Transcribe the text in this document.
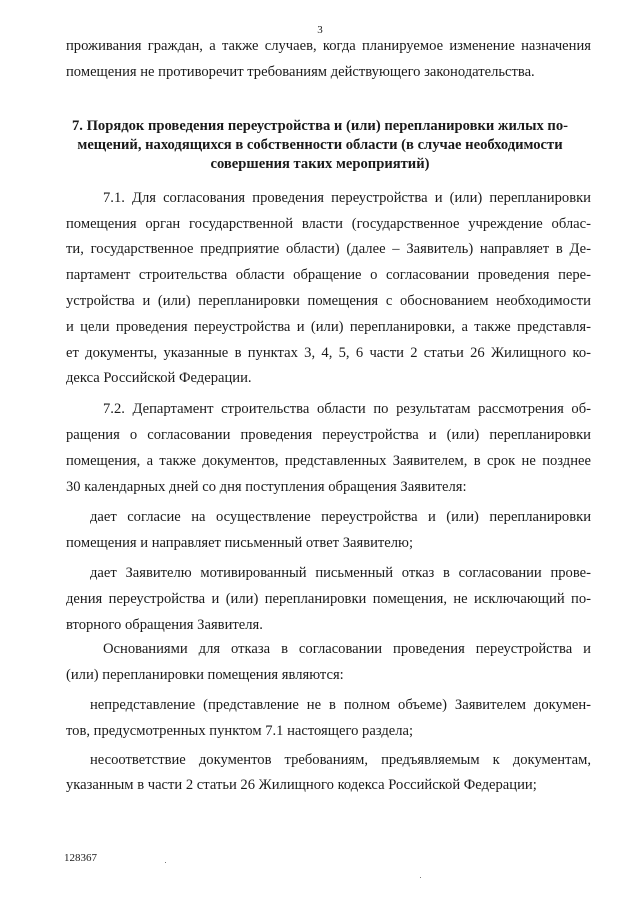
3
проживания граждан, а также случаев, когда планируемое изменение назначения
помещения не противоречит требованиям действующего законодательства.
7. Порядок проведения переустройства и (или) перепланировки жилых по-
мещений, находящихся в собственности области (в случае необходимости
совершения таких мероприятий)
7.1. Для согласования проведения переустройства и (или) перепланировки
помещения орган государственной власти (государственное учреждение облас-
ти, государственное предприятие области) (далее – Заявитель) направляет в Де-
партамент строительства области обращение о согласовании проведения пере-
устройства и (или) перепланировки помещения с обоснованием необходимости
и цели проведения переустройства и (или) перепланировки, а также представля-
ет документы, указанные в пунктах 3, 4, 5, 6 части 2 статьи 26 Жилищного ко-
декса Российской Федерации.
7.2. Департамент строительства области по результатам рассмотрения об-
ращения о согласовании проведения переустройства и (или) перепланировки
помещения, а также документов, представленных Заявителем, в срок не позднее
30 календарных дней со дня поступления обращения Заявителя:
дает согласие на осуществление переустройства и (или) перепланировки
помещения и направляет письменный ответ Заявителю;
дает Заявителю мотивированный письменный отказ в согласовании прове-
дения переустройства и (или) перепланировки помещения, не исключающий по-
вторного обращения Заявителя.
Основаниями для отказа в согласовании проведения переустройства и
(или) перепланировки помещения являются:
непредставление (представление не в полном объеме) Заявителем докумен-
тов, предусмотренных пунктом 7.1 настоящего раздела;
несоответствие документов требованиям, предъявляемым к документам,
указанным в части 2 статьи 26 Жилищного кодекса Российской Федерации;
128367
